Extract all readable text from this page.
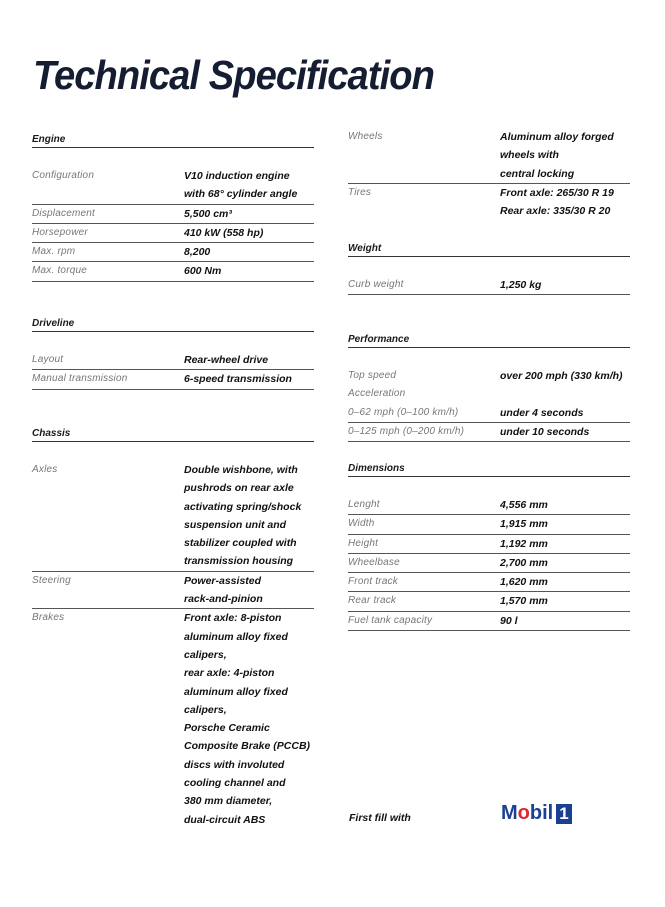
Technical Specification
Engine
Configuration	V10 induction engine
with 68° cylinder angle
Displacement	5,500 cm³
Horsepower	410 kW (558 hp)
Max. rpm	8,200
Max. torque	600 Nm
Driveline
Layout	Rear-wheel drive
Manual transmission	6-speed transmission
Chassis
Axles	Double wishbone, with
pushrods on rear axle
activating spring/shock
suspension unit and
stabilizer coupled with
transmission housing
Steering	Power-assisted
rack-and-pinion
Brakes	Front axle: 8-piston
aluminum alloy fixed
calipers,
rear axle: 4-piston
aluminum alloy fixed
calipers,
Porsche Ceramic
Composite Brake (PCCB)
discs with involuted
cooling channel and
380 mm diameter,
dual-circuit ABS
Wheels	Aluminum alloy forged
wheels with
central locking
Tires	Front axle: 265/30 R 19
Rear axle: 335/30 R 20
Weight
Curb weight	1,250 kg
Performance
Top speed	over 200 mph (330 km/h)
Acceleration

0–62 mph (0–100 km/h)	under 4 seconds
0–125 mph (0–200 km/h)	under 10 seconds
Dimensions
Lenght	4,556 mm
Width	1,915 mm
Height	1,192 mm
Wheelbase	2,700 mm
Front track	1,620 mm
Rear track	1,570 mm
Fuel tank capacity	90 l
First fill with	Mobil 1
